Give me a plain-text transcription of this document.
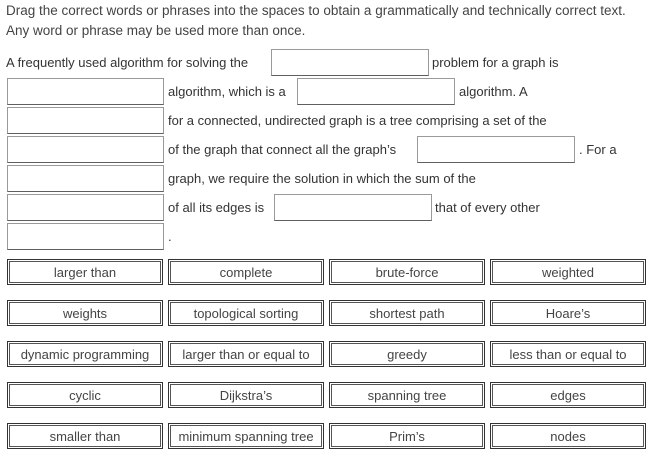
Drag the correct words or phrases into the spaces to obtain a grammatically and technically correct text.
Any word or phrase may be used more than once.
A frequently used algorithm for solving the	problem for a graph is
algorithm, which is a	algorithm. A
for a connected, undirected graph is a tree comprising a set of the
of the graph that connect all the graph’s	. For a
graph, we require the solution in which the sum of the
of all its edges is	that of every other
.
larger than	complete	brute-force	weighted
weights	topological sorting	shortest path	Hoare’s
dynamic programming	larger than or equal to	greedy	less than or equal to
cyclic	Dijkstra’s	spanning tree	edges
smaller than	minimum spanning tree	Prim’s	nodes
